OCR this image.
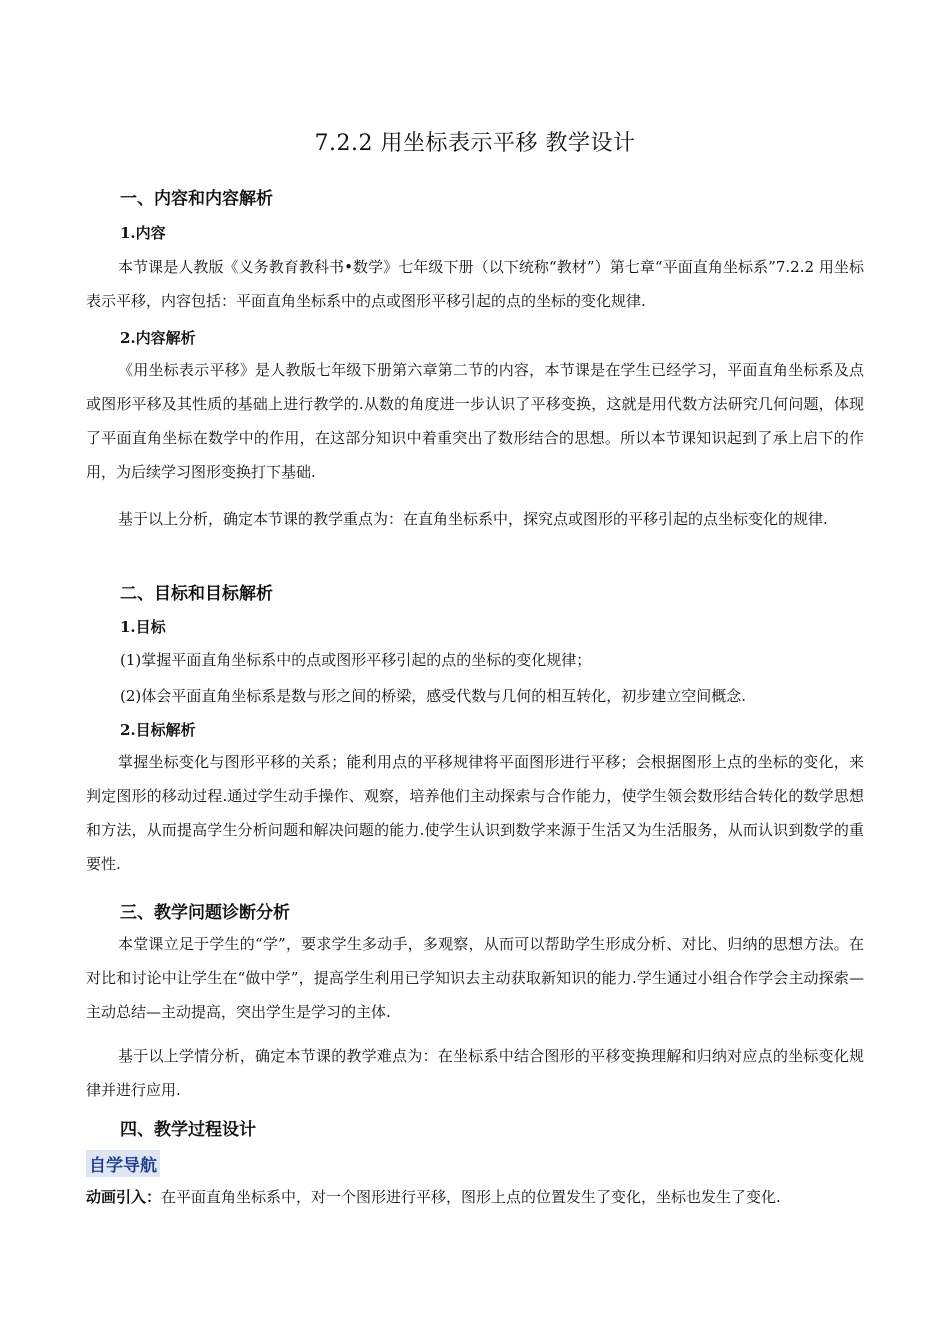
7.2.2 用坐标表示平移 教学设计
一、内容和内容解析
1.内容

本节课是人教版《义务教育教科书•数学》七年级下册（以下统称“教材”）第七章“平面直角坐标系”7.2.2 用坐标表示平移，内容包括：平面直角坐标系中的点或图形平移引起的点的坐标的变化规律.

2.内容解析

《用坐标表示平移》是人教版七年级下册第六章第二节的内容，本节课是在学生已经学习，平面直角坐标系及点或图形平移及其性质的基础上进行教学的.从数的角度进一步认识了平移变换，这就是用代数方法研究几何问题，体现了平面直角坐标在数学中的作用，在这部分知识中着重突出了数形结合的思想。所以本节课知识起到了承上启下的作用，为后续学习图形变换打下基础.

基于以上分析，确定本节课的教学重点为：在直角坐标系中，探究点或图形的平移引起的点坐标变化的规律.

二、目标和目标解析
1.目标

(1)掌握平面直角坐标系中的点或图形平移引起的点的坐标的变化规律；

(2)体会平面直角坐标系是数与形之间的桥梁，感受代数与几何的相互转化，初步建立空间概念.

2.目标解析

掌握坐标变化与图形平移的关系；能利用点的平移规律将平面图形进行平移；会根据图形上点的坐标的变化，来判定图形的移动过程.通过学生动手操作、观察，培养他们主动探索与合作能力，使学生领会数形结合转化的数学思想和方法，从而提高学生分析问题和解决问题的能力.使学生认识到数学来源于生活又为生活服务，从而认识到数学的重要性.

三、教学问题诊断分析

本堂课立足于学生的“学”，要求学生多动手，多观察，从而可以帮助学生形成分析、对比、归纳的思想方法。在对比和讨论中让学生在“做中学”，提高学生利用已学知识去主动获取新知识的能力.学生通过小组合作学会主动探索—主动总结—主动提高，突出学生是学习的主体.

基于以上学情分析，确定本节课的教学难点为：在坐标系中结合图形的平移变换理解和归纳对应点的坐标变化规律并进行应用.

四、教学过程设计
自学导航
动画引入：在平面直角坐标系中，对一个图形进行平移，图形上点的位置发生了变化，坐标也发生了变化.
